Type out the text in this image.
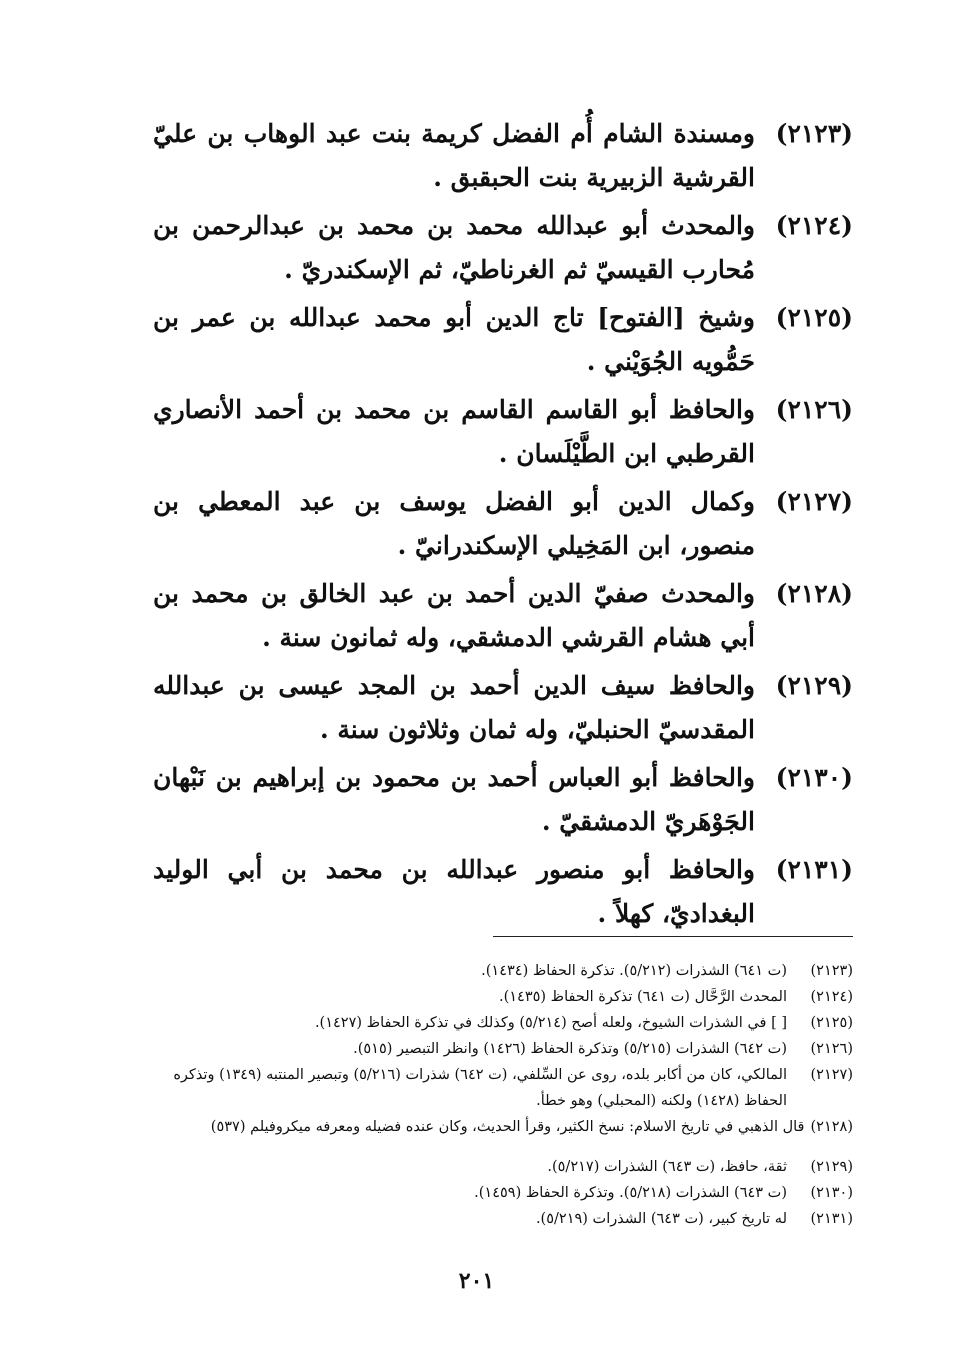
(٢١٢٣)
ومسندة الشام أُم الفضل كريمة بنت عبد الوهاب بن عليّ القرشية الزبيرية بنت الحبقبق .
(٢١٢٤)
والمحدث أبو عبدالله محمد بن محمد بن عبدالرحمن بن مُحارب القيسيّ ثم الغرناطيّ، ثم الإسكندريّ .
(٢١٢٥)
وشيخ [الفتوح] تاج الدين أبو محمد عبدالله بن عمر بن حَمُّويه الجُوَيْني .
(٢١٢٦)
والحافظ أبو القاسم القاسم بن محمد بن أحمد الأنصاري القرطبي ابن الطَّيْلَسان .
(٢١٢٧)
وكمال الدين أبو الفضل يوسف بن عبد المعطي بن منصور، ابن المَخِيلي الإسكندرانيّ .
(٢١٢٨)
والمحدث صفيّ الدين أحمد بن عبد الخالق بن محمد بن أبي هشام القرشي الدمشقي، وله ثمانون سنة .
(٢١٢٩)
والحافظ سيف الدين أحمد بن المجد عيسى بن عبدالله المقدسيّ الحنبليّ، وله ثمان وثلاثون سنة .
(٢١٣٠)
والحافظ أبو العباس أحمد بن محمود بن إبراهيم بن نَبْهان الجَوْهَريّ الدمشقيّ .
(٢١٣١)
والحافظ أبو منصور عبدالله بن محمد بن أبي الوليد البغداديّ، كهلاً .
(٢١٢٣)
(ت ٦٤١) الشذرات (٥/٢١٢). تذكرة الحفاظ (١٤٣٤).
(٢١٢٤)
المحدث الرَّحَّال (ت ٦٤١) تذكرة الحفاظ (١٤٣٥).
(٢١٢٥)
[ ] في الشذرات الشيوخ، ولعله أصح (٥/٢١٤) وكذلك في تذكرة الحفاظ (١٤٢٧).
(٢١٢٦)
(ت ٦٤٢) الشذرات (٥/٢١٥) وتذكرة الحفاظ (١٤٢٦) وانظر التبصير (٥١٥).
(٢١٢٧)
المالكي، كان من أكابر بلده، روى عن السِّلفي، (ت ٦٤٢) شذرات (٥/٢١٦) وتبصير المنتبه (١٣٤٩) وتذكره الحفاظ (١٤٢٨) ولكنه (المحبلي) وهو خطأ.
(٢١٢٨)
قال الذهبي في تاريخ الاسلام: نسخ الكثير، وقرأ الحديث، وكان عنده فضيله ومعرفه ميكروفيلم (٥٣٧)
(٢١٢٩)
ثقة، حافظ، (ت ٦٤٣) الشذرات (٥/٢١٧).
(٢١٣٠)
(ت ٦٤٣) الشذرات (٥/٢١٨). وتذكرة الحفاظ (١٤٥٩).
(٢١٣١)
له تاريخ كبير، (ت ٦٤٣) الشذرات (٥/٢١٩).
٢٠١
